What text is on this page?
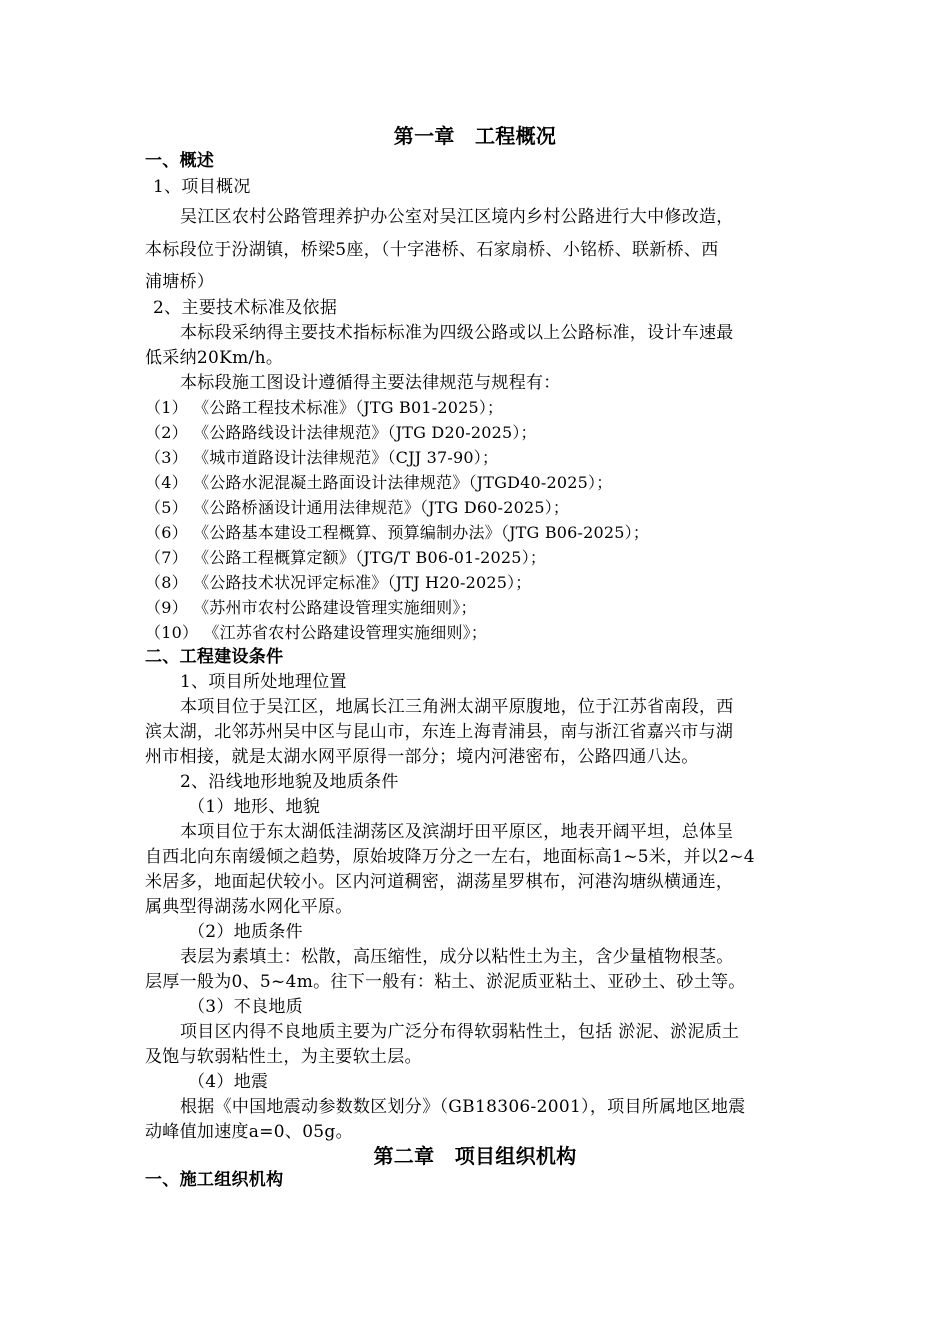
第一章　工程概况
一、概述
1、项目概况
吴江区农村公路管理养护办公室对吴江区境内乡村公路进行大中修改造，
本标段位于汾湖镇，桥梁5座，（十字港桥、石家扇桥、小铭桥、联新桥、西
浦塘桥）
2、主要技术标准及依据
本标段采纳得主要技术指标标准为四级公路或以上公路标准，设计车速最
低采纳20Km/h。
本标段施工图设计遵循得主要法律规范与规程有：
（1） 《公路工程技术标准》（JTG B01-2025）；
（2） 《公路路线设计法律规范》（JTG D20-2025）；
（3） 《城市道路设计法律规范》（CJJ 37-90）；
（4） 《公路水泥混凝土路面设计法律规范》（JTGD40-2025）；
（5） 《公路桥涵设计通用法律规范》（JTG D60-2025）；
（6） 《公路基本建设工程概算、预算编制办法》（JTG B06-2025）；
（7） 《公路工程概算定额》（JTG/T B06-01-2025）；
（8） 《公路技术状况评定标准》（JTJ H20-2025）；
（9） 《苏州市农村公路建设管理实施细则》；
（10） 《江苏省农村公路建设管理实施细则》；
二、工程建设条件
1、项目所处地理位置
本项目位于吴江区，地属长江三角洲太湖平原腹地，位于江苏省南段，西
滨太湖，北邻苏州吴中区与昆山市，东连上海青浦县，南与浙江省嘉兴市与湖
州市相接，就是太湖水网平原得一部分；境内河港密布，公路四通八达。
2、沿线地形地貌及地质条件
（1）地形、地貌
本项目位于东太湖低洼湖荡区及滨湖圩田平原区，地表开阔平坦，总体呈
自西北向东南缓倾之趋势，原始坡降万分之一左右，地面标高1~5米，并以2~4
米居多，地面起伏较小。区内河道稠密，湖荡星罗棋布，河港沟塘纵横通连，
属典型得湖荡水网化平原。
（2）地质条件
表层为素填土：松散，高压缩性，成分以粘性土为主，含少量植物根茎。
层厚一般为0、5~4m。往下一般有：粘土、淤泥质亚粘土、亚砂土、砂土等。
（3）不良地质
项目区内得不良地质主要为广泛分布得软弱粘性土，包括 淤泥、淤泥质土
及饱与软弱粘性土，为主要软土层。
（4）地震
根据《中国地震动参数数区划分》（GB18306-2001），项目所属地区地震
动峰值加速度a=0、05g。
第二章　项目组织机构
一、施工组织机构
